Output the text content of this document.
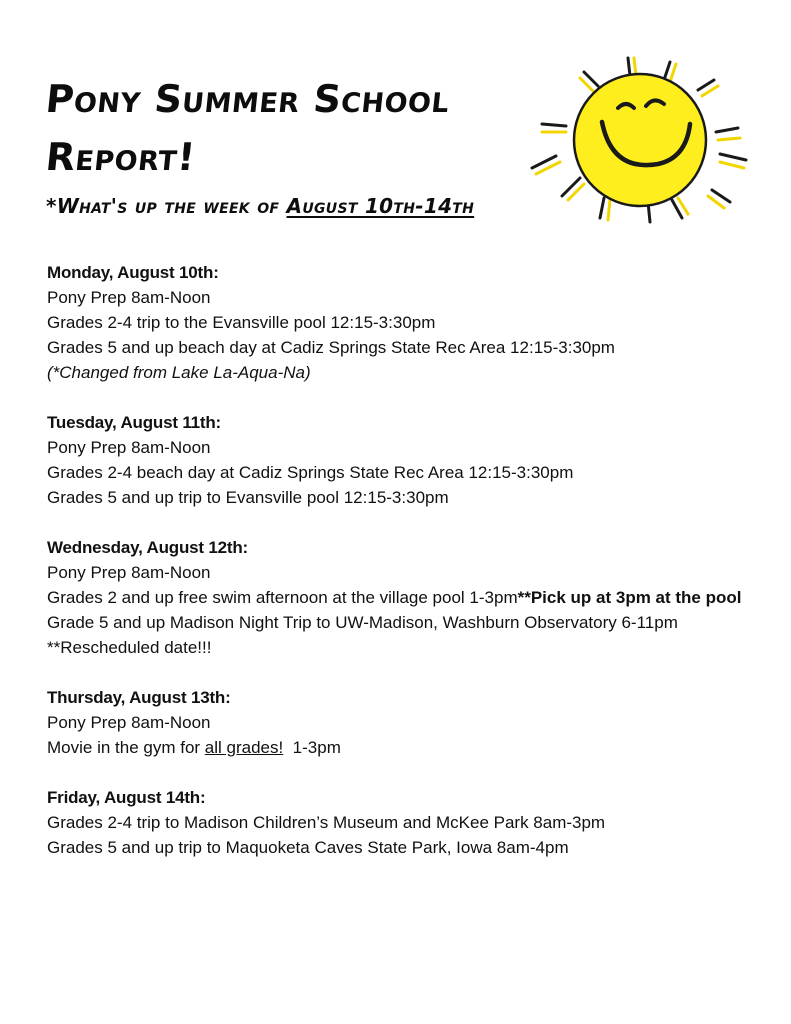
Pony Summer School
Report!
*What's up the week of August 10th-14th
Monday, August 10th:
Pony Prep 8am-Noon
Grades 2-4 trip to the Evansville pool 12:15-3:30pm
Grades 5 and up beach day at Cadiz Springs State Rec Area 12:15-3:30pm
(*Changed from Lake La-Aqua-Na)
Tuesday, August 11th:
Pony Prep 8am-Noon
Grades 2-4 beach day at Cadiz Springs State Rec Area 12:15-3:30pm
Grades 5 and up trip to Evansville pool 12:15-3:30pm
Wednesday, August 12th:
Pony Prep 8am-Noon
Grades 2 and up free swim afternoon at the village pool 1-3pm**Pick up at 3pm at the pool
Grade 5 and up Madison Night Trip to UW-Madison, Washburn Observatory 6-11pm **Rescheduled date!!!
Thursday, August 13th:
Pony Prep 8am-Noon
Movie in the gym for all grades!  1-3pm
Friday, August 14th:
Grades 2-4 trip to Madison Children’s Museum and McKee Park 8am-3pm
Grades 5 and up trip to Maquoketa Caves State Park, Iowa 8am-4pm
